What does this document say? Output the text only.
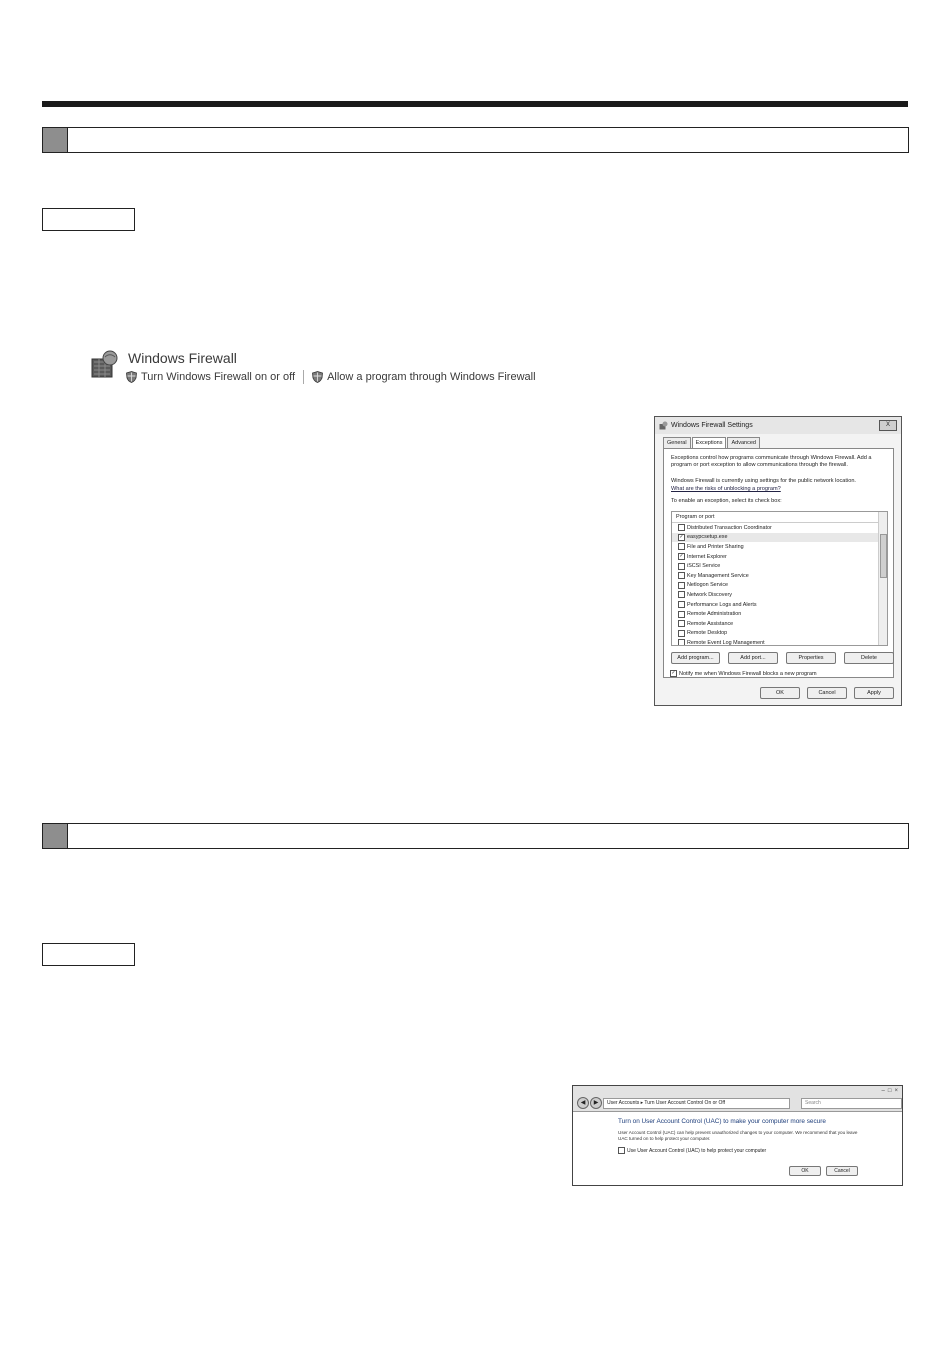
Windows Firewall
Turn Windows Firewall on or off	Allow a program through Windows Firewall
Windows Firewall Settings	X
General	Exceptions	Advanced
Exceptions control how programs communicate through Windows Firewall. Add a program or port exception to allow communications through the firewall.
Windows Firewall is currently using settings for the public network location.
What are the risks of unblocking a program?
To enable an exception, select its check box:
Program or port
Distributed Transaction Coordinator
✓ easypcsetup.exe
File and Printer Sharing
✓ Internet Explorer
iSCSI Service
Key Management Service
Netlogon Service
Network Discovery
Performance Logs and Alerts
Remote Administration
Remote Assistance
Remote Desktop
Remote Event Log Management
Add program...	Add port...	Properties	Delete
✓ Notify me when Windows Firewall blocks a new program
OK	Cancel	Apply
– □ ×
◀	▶	User Accounts ▸ Turn User Account Control On or Off	Search
Turn on User Account Control (UAC) to make your computer more secure
User Account Control (UAC) can help prevent unauthorized changes to your computer. We recommend that you leave UAC turned on to help protect your computer.
Use User Account Control (UAC) to help protect your computer
OK	Cancel
